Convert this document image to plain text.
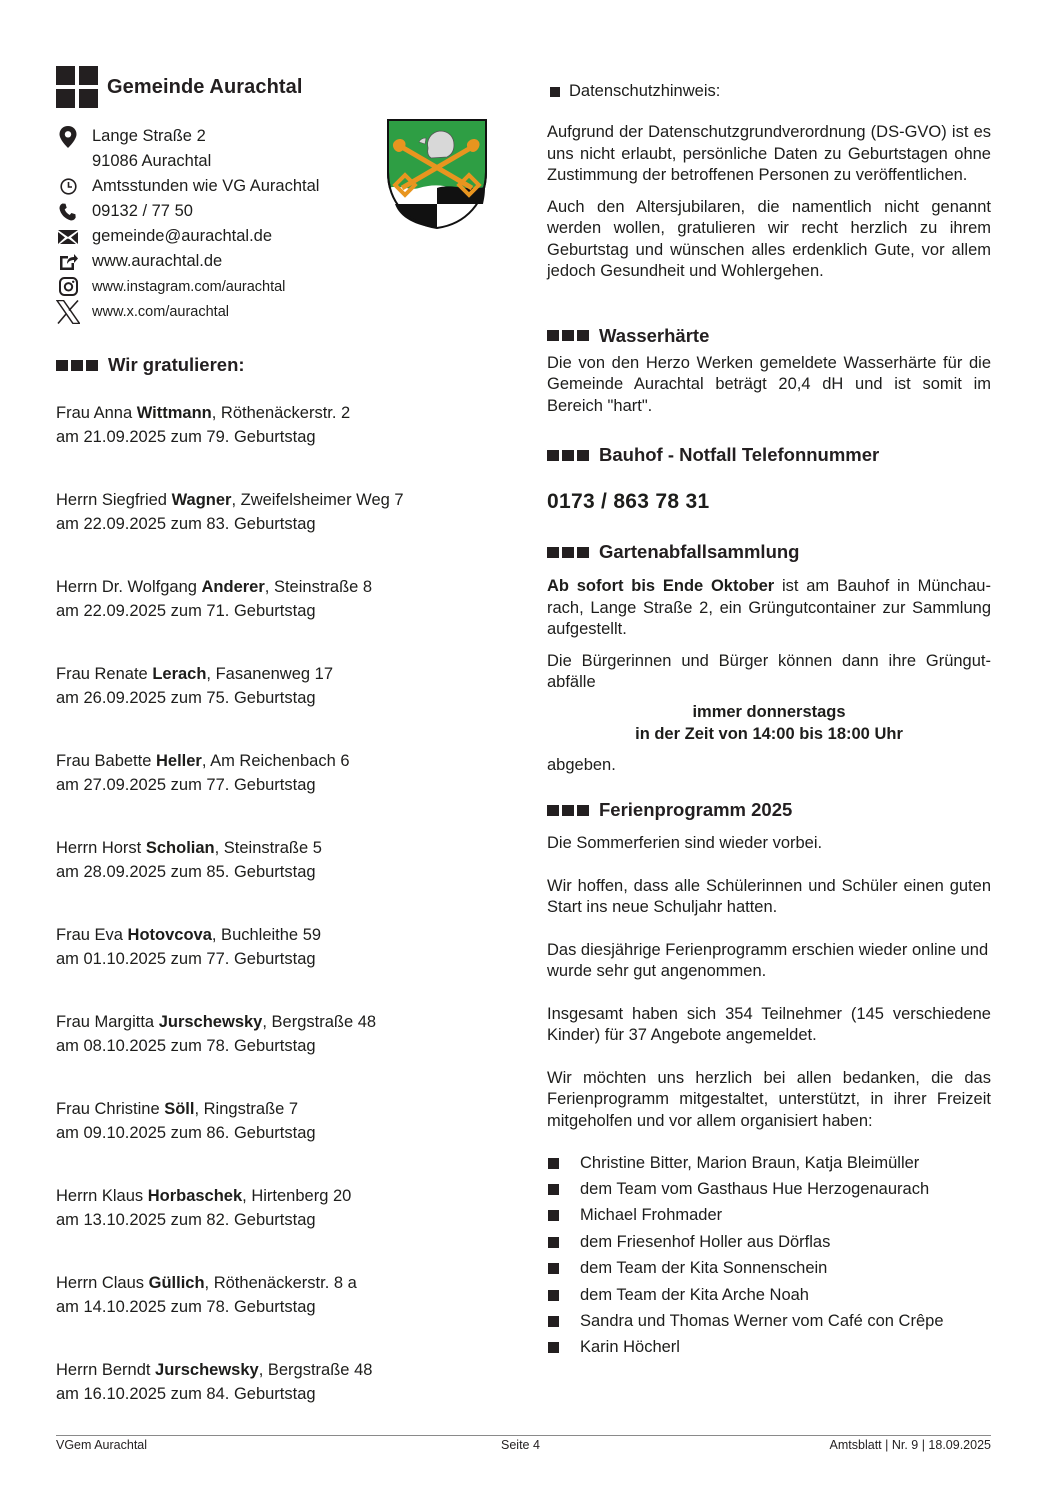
Gemeinde Aurachtal
Lange Straße 2
91086 Aurachtal
Amtsstunden wie VG Aurachtal
09132 / 77 50
gemeinde@aurachtal.de
www.aurachtal.de
www.instagram.com/aurachtal
www.x.com/aurachtal
Wir gratulieren:
Frau Anna Wittmann, Röthenäckerstr. 2
am 21.09.2025 zum 79. Geburtstag
Herrn Siegfried Wagner, Zweifelsheimer Weg 7
am 22.09.2025 zum 83. Geburtstag
Herrn Dr. Wolfgang Anderer, Steinstraße 8
am 22.09.2025 zum 71. Geburtstag
Frau Renate Lerach, Fasanenweg 17
am 26.09.2025 zum 75. Geburtstag
Frau Babette Heller, Am Reichenbach 6
am 27.09.2025 zum 77. Geburtstag
Herrn Horst Scholian, Steinstraße 5
am 28.09.2025 zum 85. Geburtstag
Frau Eva Hotovcova, Buchleithe 59
am 01.10.2025 zum 77. Geburtstag
Frau Margitta Jurschewsky, Bergstraße 48
am 08.10.2025 zum 78. Geburtstag
Frau Christine Söll, Ringstraße 7
am 09.10.2025 zum 86. Geburtstag
Herrn Klaus Horbaschek, Hirtenberg 20
am 13.10.2025 zum 82. Geburtstag
Herrn Claus Güllich, Röthenäckerstr. 8 a
am 14.10.2025 zum 78. Geburtstag
Herrn Berndt Jurschewsky, Bergstraße 48
am 16.10.2025 zum 84. Geburtstag
Datenschutzhinweis:

Aufgrund der Datenschutzgrundverordnung (DS-GVO) ist es uns nicht erlaubt, persönliche Daten zu Geburtstagen ohne Zustimmung der betroffenen Personen zu veröffentlichen.

Auch den Altersjubilaren, die namentlich nicht genannt werden wollen, gratulieren wir recht herzlich zu ihrem Geburtstag und wünschen alles erdenklich Gute, vor allem jedoch Gesundheit und Wohlergehen.

Wasserhärte

Die von den Herzo Werken gemeldete Wasserhärte für die Gemeinde Aurachtal beträgt 20,4 dH und ist somit im Bereich "hart".

Bauhof - Notfall Telefonnummer
0173 / 863 78 31
Gartenabfallsammlung

Ab sofort bis Ende Oktober ist am Bauhof in Münchaurach, Lange Straße 2, ein Grüngutcontainer zur Sammlung aufgestellt.

Die Bürgerinnen und Bürger können dann ihre Grüngutabfälle

immer donnerstags
in der Zeit von 14:00 bis 18:00 Uhr

abgeben.

Ferienprogramm 2025

Die Sommerferien sind wieder vorbei.

Wir hoffen, dass alle Schülerinnen und Schüler einen guten Start ins neue Schuljahr hatten.

Das diesjährige Ferienprogramm erschien wieder online und wurde sehr gut angenommen.

Insgesamt haben sich 354 Teilnehmer (145 verschiedene Kinder) für 37 Angebote angemeldet.

Wir möchten uns herzlich bei allen bedanken, die das Ferienprogramm mitgestaltet, unterstützt, in ihrer Freizeit mitgeholfen und vor allem organisiert haben:

Christine Bitter, Marion Braun, Katja Bleimüller
dem Team vom Gasthaus Hue Herzogenaurach
Michael Frohmader
dem Friesenhof Holler aus Dörflas
dem Team der Kita Sonnenschein
dem Team der Kita Arche Noah
Sandra und Thomas Werner vom Café con Crêpe
Karin Höcherl
VGem Aurachtal	Seite 4	Amtsblatt | Nr. 9 | 18.09.2025
